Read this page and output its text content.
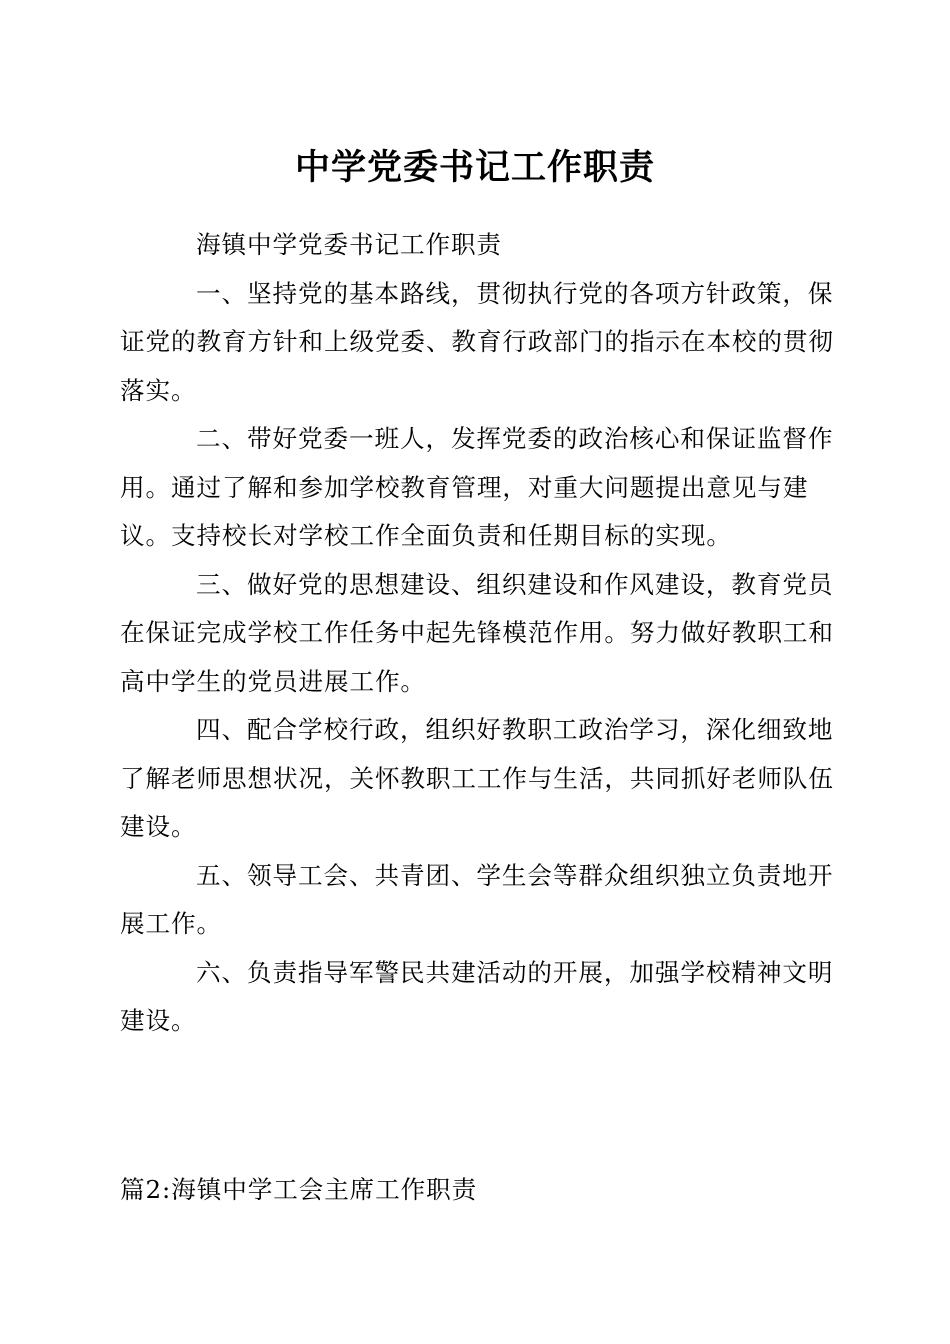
中学党委书记工作职责

海镇中学党委书记工作职责

一、坚持党的基本路线，贯彻执行党的各项方针政策，保证党的教育方针和上级党委、教育行政部门的指示在本校的贯彻落实。

二、带好党委一班人，发挥党委的政治核心和保证监督作用。通过了解和参加学校教育管理，对重大问题提出意见与建议。支持校长对学校工作全面负责和任期目标的实现。

三、做好党的思想建设、组织建设和作风建设，教育党员在保证完成学校工作任务中起先锋模范作用。努力做好教职工和高中学生的党员进展工作。

四、配合学校行政，组织好教职工政治学习，深化细致地了解老师思想状况，关怀教职工工作与生活，共同抓好老师队伍建设。

五、领导工会、共青团、学生会等群众组织独立负责地开展工作。

六、负责指导军警民共建活动的开展，加强学校精神文明建设。

篇2:海镇中学工会主席工作职责
